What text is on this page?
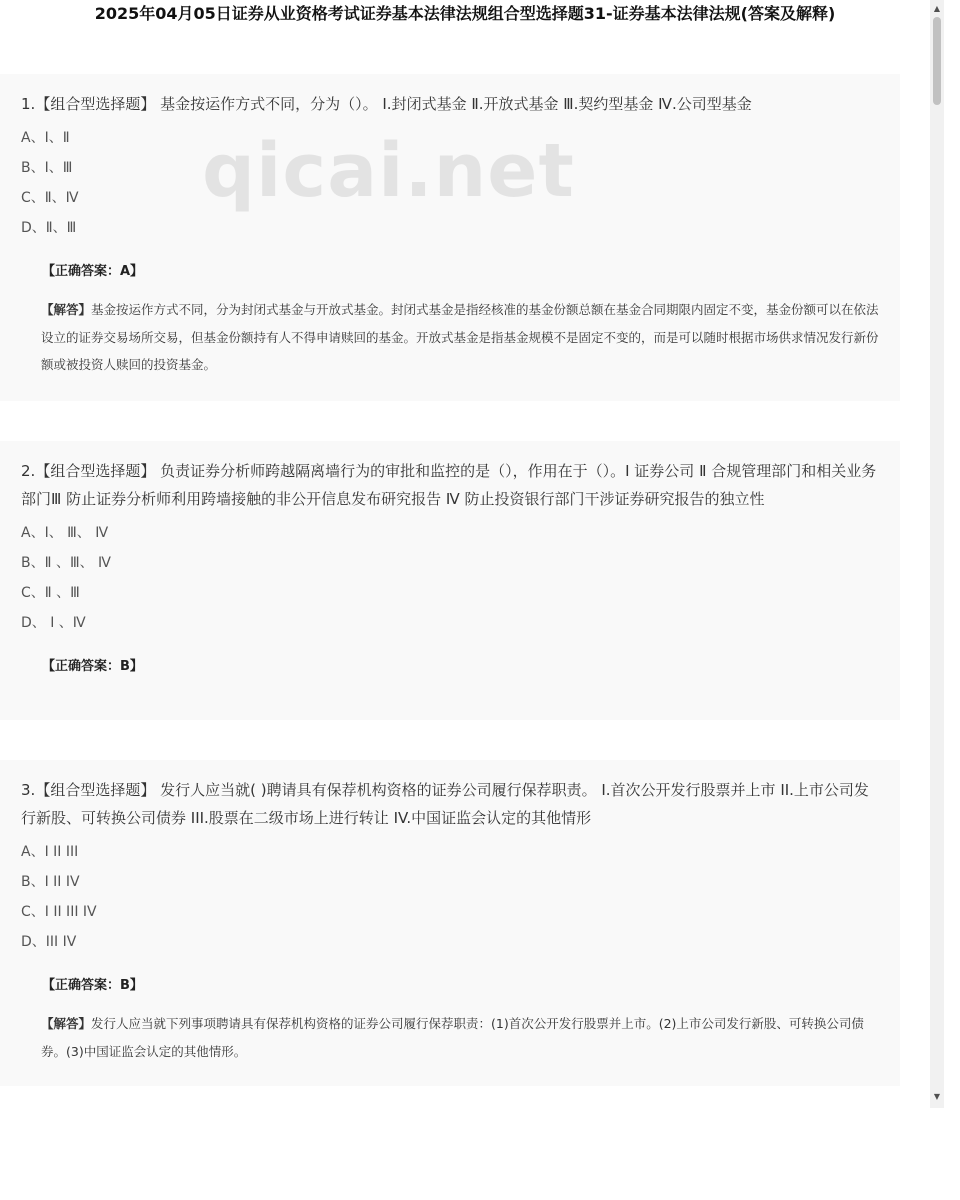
2025年04月05日证券从业资格考试证券基本法律法规组合型选择题31-证券基本法律法规(答案及解释)
1.【组合型选择题】 基金按运作方式不同，分为（）。 Ⅰ.封闭式基金 Ⅱ.开放式基金 Ⅲ.契约型基金 Ⅳ.公司型基金
A、Ⅰ、Ⅱ
B、Ⅰ、Ⅲ
C、Ⅱ、Ⅳ
D、Ⅱ、Ⅲ
【正确答案：A】
【解答】基金按运作方式不同，分为封闭式基金与开放式基金。封闭式基金是指经核准的基金份额总额在基金合同期限内固定不变，基金份额可以在依法设立的证券交易场所交易，但基金份额持有人不得申请赎回的基金。开放式基金是指基金规模不是固定不变的，而是可以随时根据市场供求情况发行新份额或被投资人赎回的投资基金。
2.【组合型选择题】 负责证券分析师跨越隔离墙行为的审批和监控的是（），作用在于（）。Ⅰ 证券公司 Ⅱ 合规管理部门和相关业务部门Ⅲ 防止证券分析师利用跨墙接触的非公开信息发布研究报告 Ⅳ 防止投资银行部门干涉证券研究报告的独立性
A、Ⅰ、 Ⅲ、 Ⅳ
B、Ⅱ 、Ⅲ、 Ⅳ
C、Ⅱ 、Ⅲ
D、 Ⅰ 、Ⅳ
【正确答案：B】
3.【组合型选择题】 发行人应当就( )聘请具有保荐机构资格的证券公司履行保荐职责。 I.首次公开发行股票并上市 II.上市公司发行新股、可转换公司债券 III.股票在二级市场上进行转让 IV.中国证监会认定的其他情形
A、I II III
B、I II IV
C、I II III IV
D、III IV
【正确答案：B】
【解答】发行人应当就下列事项聘请具有保荐机构资格的证券公司履行保荐职责：(1)首次公开发行股票并上市。(2)上市公司发行新股、可转换公司债券。(3)中国证监会认定的其他情形。
▲
▼
